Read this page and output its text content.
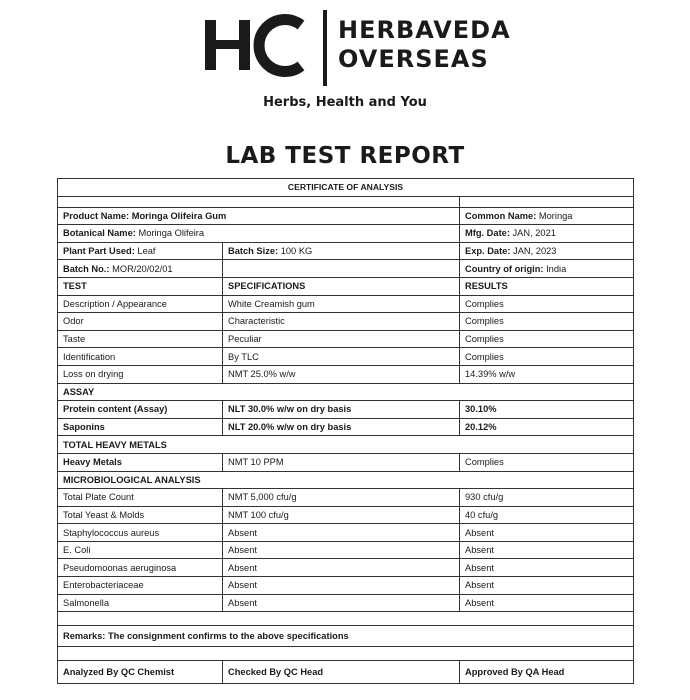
HERBAVEDA
OVERSEAS
Herbs, Health and You
LAB TEST REPORT
CERTIFICATE OF ANALYSIS		

Product Name: Moringa Olifeira Gum		Common Name: Moringa
Botanical Name: Moringa Olifeira		Mfg. Date: JAN, 2021
Plant Part Used: Leaf	Batch Size: 100 KG	Exp. Date: JAN, 2023
Batch No.: MOR/20/02/01		Country of origin: India
TEST	SPECIFICATIONS	RESULTS
Description / Appearance	White Creamish gum	Complies
Odor	Characteristic	Complies
Taste	Peculiar	Complies
Identification	By TLC	Complies
Loss on drying	NMT 25.0% w/w	14.39% w/w
ASSAY		
Protein content (Assay)	NLT 30.0% w/w on dry basis	30.10%
Saponins	NLT 20.0% w/w on dry basis	20.12%
TOTAL HEAVY METALS		
Heavy Metals	NMT 10 PPM	Complies
MICROBIOLOGICAL ANALYSIS		
Total Plate Count	NMT 5,000 cfu/g	930 cfu/g
Total Yeast & Molds	NMT 100 cfu/g	40 cfu/g
Staphylococcus aureus	Absent	Absent
E. Coli	Absent	Absent
Pseudomoonas aeruginosa	Absent	Absent
Enterobacteriaceae	Absent	Absent
Salmonella	Absent	Absent

Remarks: The consignment confirms to the above specifications		

Analyzed By QC Chemist	Checked By QC Head	Approved By QA Head
